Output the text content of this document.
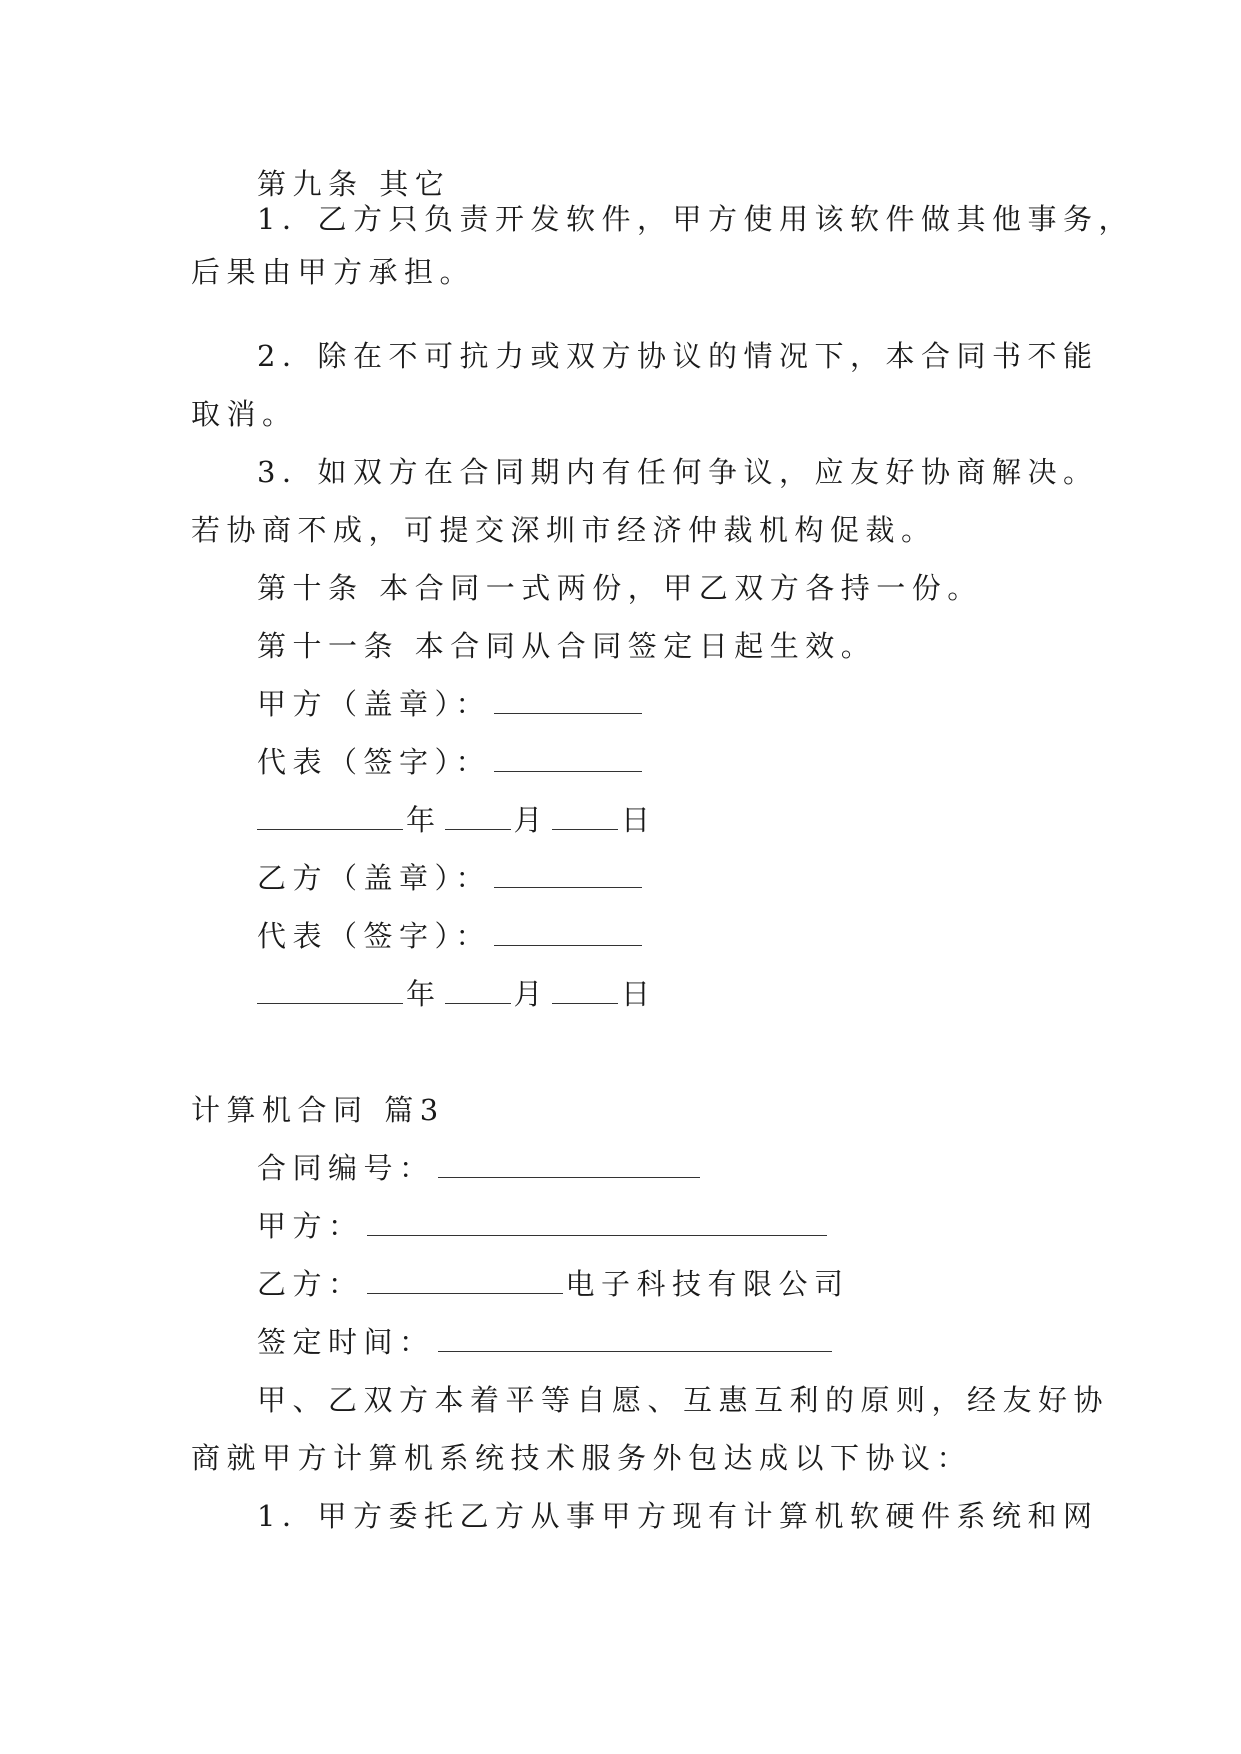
第九条 其它
1．乙方只负责开发软件，甲方使用该软件做其他事务，
后果由甲方承担。
2．除在不可抗力或双方协议的情况下，本合同书不能
取消。
3．如双方在合同期内有任何争议，应友好协商解决。
若协商不成，可提交深圳市经济仲裁机构促裁。
第十条 本合同一式两份，甲乙双方各持一份。
第十一条 本合同从合同签定日起生效。
甲方（盖章）：
代表（签字）：
年 月 日
乙方（盖章）：
代表（签字）：
年 月 日
计算机合同 篇3
合同编号：
甲方：
乙方：	电子科技有限公司
签定时间：
甲、乙双方本着平等自愿、互惠互利的原则，经友好协
商就甲方计算机系统技术服务外包达成以下协议：
1．甲方委托乙方从事甲方现有计算机软硬件系统和网
